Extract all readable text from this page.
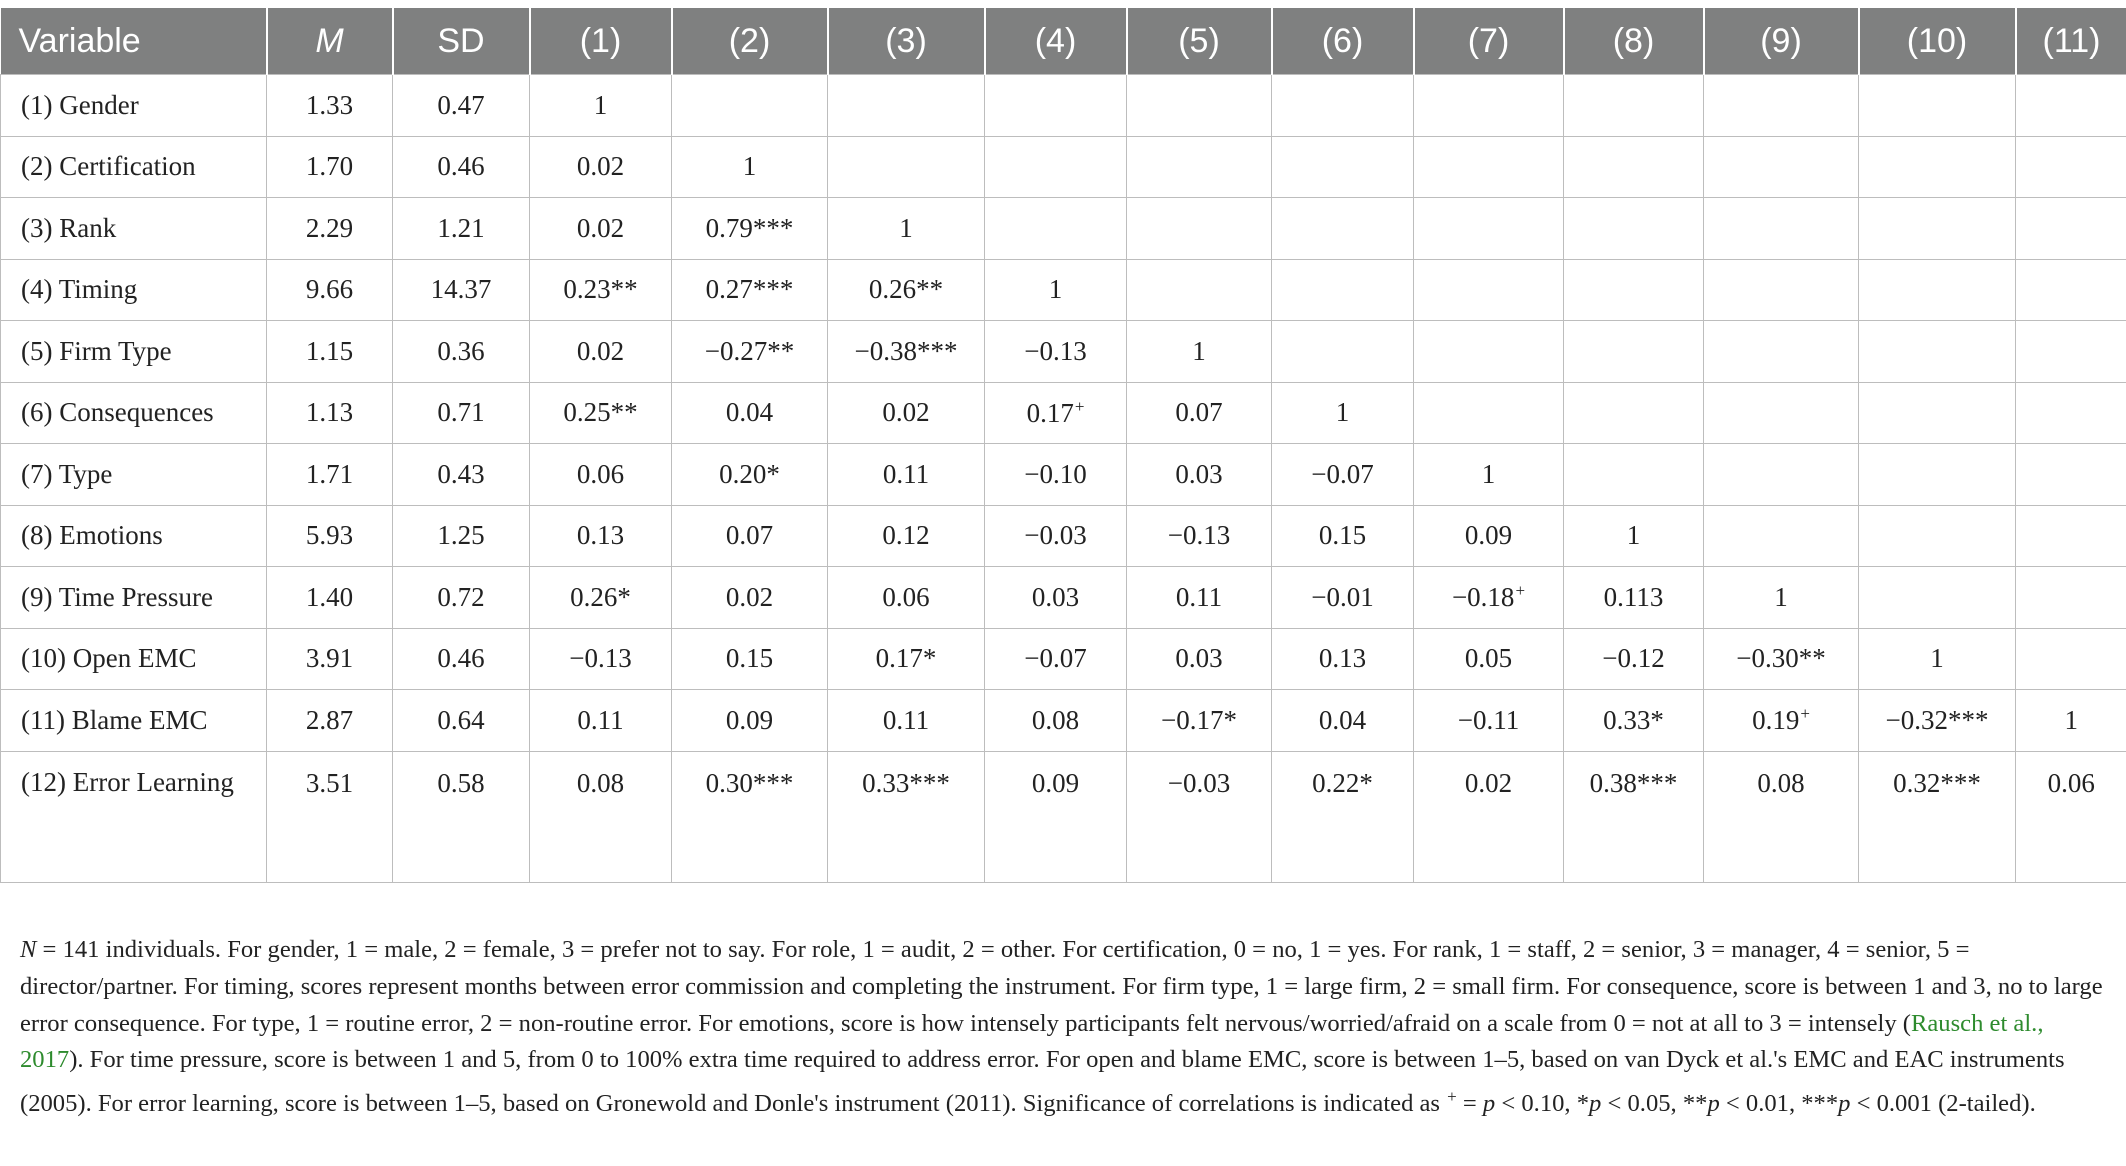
Variable	M	SD	(1)	(2)	(3)	(4)	(5)	(6)	(7)	(8)	(9)	(10)	(11)
(1) Gender	1.33	0.47	1										
(2) Certification	1.70	0.46	0.02	1									
(3) Rank	2.29	1.21	0.02	0.79***	1								
(4) Timing	9.66	14.37	0.23**	0.27***	0.26**	1							
(5) Firm Type	1.15	0.36	0.02	−0.27**	−0.38***	−0.13	1						
(6) Consequences	1.13	0.71	0.25**	0.04	0.02	0.17+	0.07	1					
(7) Type	1.71	0.43	0.06	0.20*	0.11	−0.10	0.03	−0.07	1				
(8) Emotions	5.93	1.25	0.13	0.07	0.12	−0.03	−0.13	0.15	0.09	1			
(9) Time Pressure	1.40	0.72	0.26*	0.02	0.06	0.03	0.11	−0.01	−0.18+	0.113	1		
(10) Open EMC	3.91	0.46	−0.13	0.15	0.17*	−0.07	0.03	0.13	0.05	−0.12	−0.30**	1	
(11) Blame EMC	2.87	0.64	0.11	0.09	0.11	0.08	−0.17*	0.04	−0.11	0.33*	0.19+	−0.32***	1
(12) Error Learning	3.51	0.58	0.08	0.30***	0.33***	0.09	−0.03	0.22*	0.02	0.38***	0.08	0.32***	0.06
N = 141 individuals. For gender, 1 = male, 2 = female, 3 = prefer not to say. For role, 1 = audit, 2 = other. For certification, 0 = no, 1 = yes. For rank, 1 = staff, 2 = senior, 3 = manager, 4 = senior, 5 = director/partner. For timing, scores represent months between error commission and completing the instrument. For firm type, 1 = large firm, 2 = small firm. For consequence, score is between 1 and 3, no to large error consequence. For type, 1 = routine error, 2 = non-routine error. For emotions, score is how intensely participants felt nervous/worried/afraid on a scale from 0 = not at all to 3 = intensely (Rausch et al., 2017). For time pressure, score is between 1 and 5, from 0 to 100% extra time required to address error. For open and blame EMC, score is between 1–5, based on van Dyck et al.'s EMC and EAC instruments (2005). For error learning, score is between 1–5, based on Gronewold and Donle's instrument (2011). Significance of correlations is indicated as + = p < 0.10, *p < 0.05, **p < 0.01, ***p < 0.001 (2-tailed).
